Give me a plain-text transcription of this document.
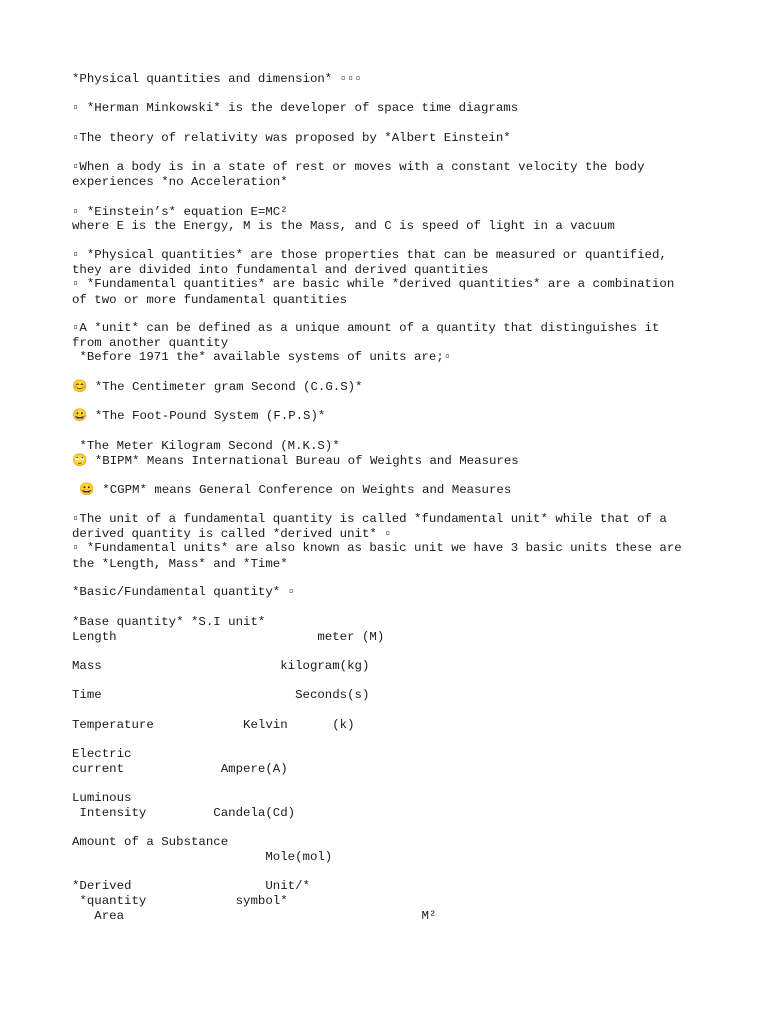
*Physical quantities and dimension* ▫▫▫
▫ *Herman Minkowski* is the developer of space time diagrams
▫The theory of relativity was proposed by *Albert Einstein*
▫When a body is in a state of rest or moves with a constant velocity the body
experiences *no Acceleration*
▫ *Einstein’s* equation E=MC²
where E is the Energy, M is the Mass, and C is speed of light in a vacuum
▫ *Physical quantities* are those properties that can be measured or quantified,
they are divided into fundamental and derived quantities
▫ *Fundamental quantities* are basic while *derived quantities* are a combination
of two or more fundamental quantities
▫A *unit* can be defined as a unique amount of a quantity that distinguishes it
from another quantity
*Before 1971 the* available systems of units are;▫
😊 *The Centimeter gram Second (C.G.S)*
😀 *The Foot-Pound System (F.P.S)*
*The Meter Kilogram Second (M.K.S)*
🙄 *BIPM* Means International Bureau of Weights and Measures
😀 *CGPM* means General Conference on Weights and Measures
▫The unit of a fundamental quantity is called *fundamental unit* while that of a
derived quantity is called *derived unit* ▫
▫ *Fundamental units* are also known as basic unit we have 3 basic units these are
the *Length, Mass* and *Time*
*Basic/Fundamental quantity* ▫
*Base quantity* *S.I unit*
Length                           meter (M)
Mass                        kilogram(kg)
Time                          Seconds(s)
Temperature            Kelvin      (k)
Electric
current             Ampere(A)
Luminous
Intensity         Candela(Cd)
Amount of a Substance
Mole(mol)
*Derived                  Unit/*
*quantity            symbol*
Area                                        M²
